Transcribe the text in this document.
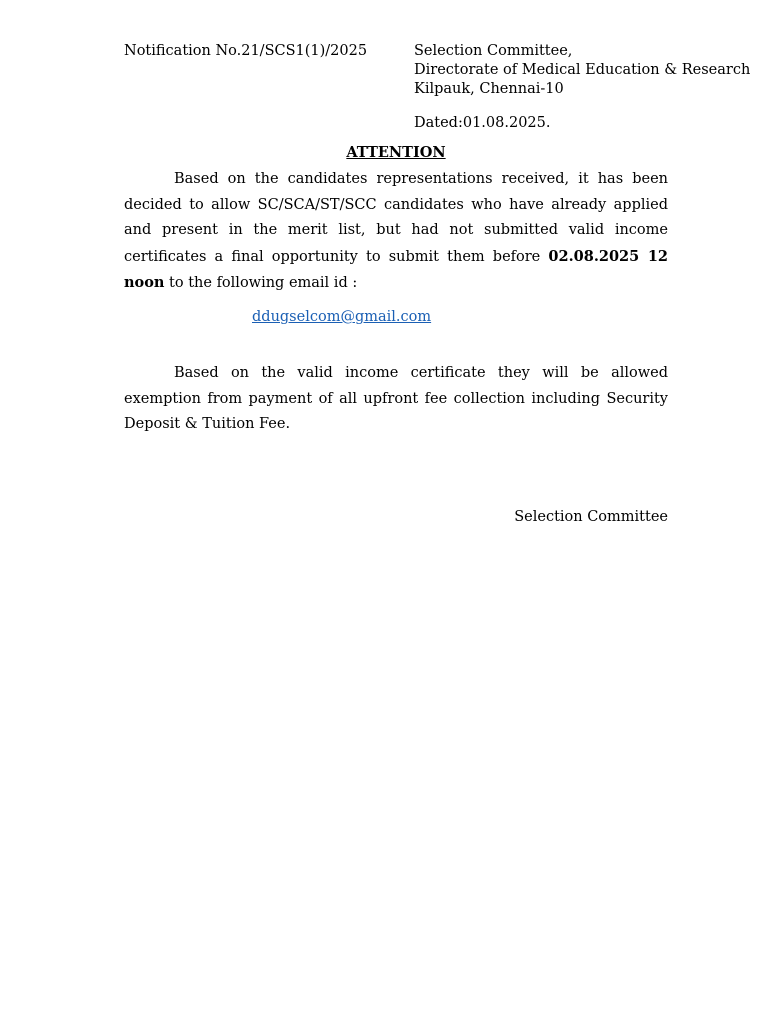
Notification No.21/SCS1(1)/2025	Selection Committee,
Directorate of Medical Education & Research
Kilpauk, Chennai-10
Dated:01.08.2025.
ATTENTION

Based on the candidates representations received, it has been decided to allow SC/SCA/ST/SCC candidates who have already applied and present in the merit list, but had not submitted valid income certificates a final opportunity to submit them before 02.08.2025 12 noon to the following email id :

ddugselcom@gmail.com

Based on the valid income certificate they will be allowed exemption from payment of all upfront fee collection including Security Deposit & Tuition Fee.

Selection Committee
